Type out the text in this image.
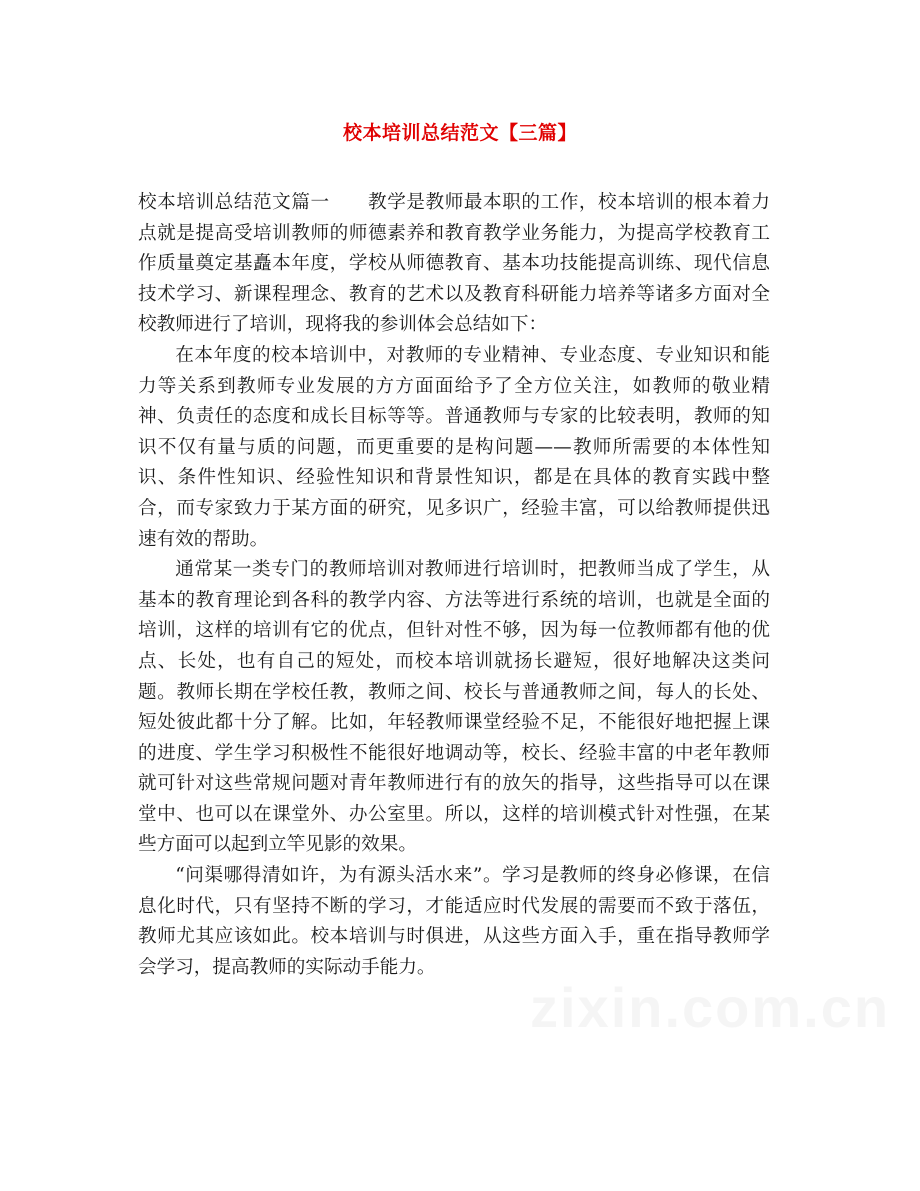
校本培训总结范文【三篇】

校本培训总结范文篇一　　教学是教师最本职的工作，校本培训的根本着力点就是提高受培训教师的师德素养和教育教学业务能力，为提高学校教育工作质量奠定基矗本年度，学校从师德教育、基本功技能提高训练、现代信息技术学习、新课程理念、教育的艺术以及教育科研能力培养等诸多方面对全校教师进行了培训，现将我的参训体会总结如下：

在本年度的校本培训中，对教师的专业精神、专业态度、专业知识和能力等关系到教师专业发展的方方面面给予了全方位关注，如教师的敬业精神、负责任的态度和成长目标等等。普通教师与专家的比较表明，教师的知识不仅有量与质的问题，而更重要的是构问题——教师所需要的本体性知识、条件性知识、经验性知识和背景性知识，都是在具体的教育实践中整合，而专家致力于某方面的研究，见多识广，经验丰富，可以给教师提供迅速有效的帮助。

通常某一类专门的教师培训对教师进行培训时，把教师当成了学生，从基本的教育理论到各科的教学内容、方法等进行系统的培训，也就是全面的培训，这样的培训有它的优点，但针对性不够，因为每一位教师都有他的优点、长处，也有自己的短处，而校本培训就扬长避短，很好地解决这类问题。教师长期在学校任教，教师之间、校长与普通教师之间，每人的长处、短处彼此都十分了解。比如，年轻教师课堂经验不足，不能很好地把握上课的进度、学生学习积极性不能很好地调动等，校长、经验丰富的中老年教师就可针对这些常规问题对青年教师进行有的放矢的指导，这些指导可以在课堂中、也可以在课堂外、办公室里。所以，这样的培训模式针对性强，在某些方面可以起到立竿见影的效果。

“问渠哪得清如许，为有源头活水来”。学习是教师的终身必修课，在信息化时代，只有坚持不断的学习，才能适应时代发展的需要而不致于落伍，教师尤其应该如此。校本培训与时俱进，从这些方面入手，重在指导教师学会学习，提高教师的实际动手能力。

zixin.com.cn
